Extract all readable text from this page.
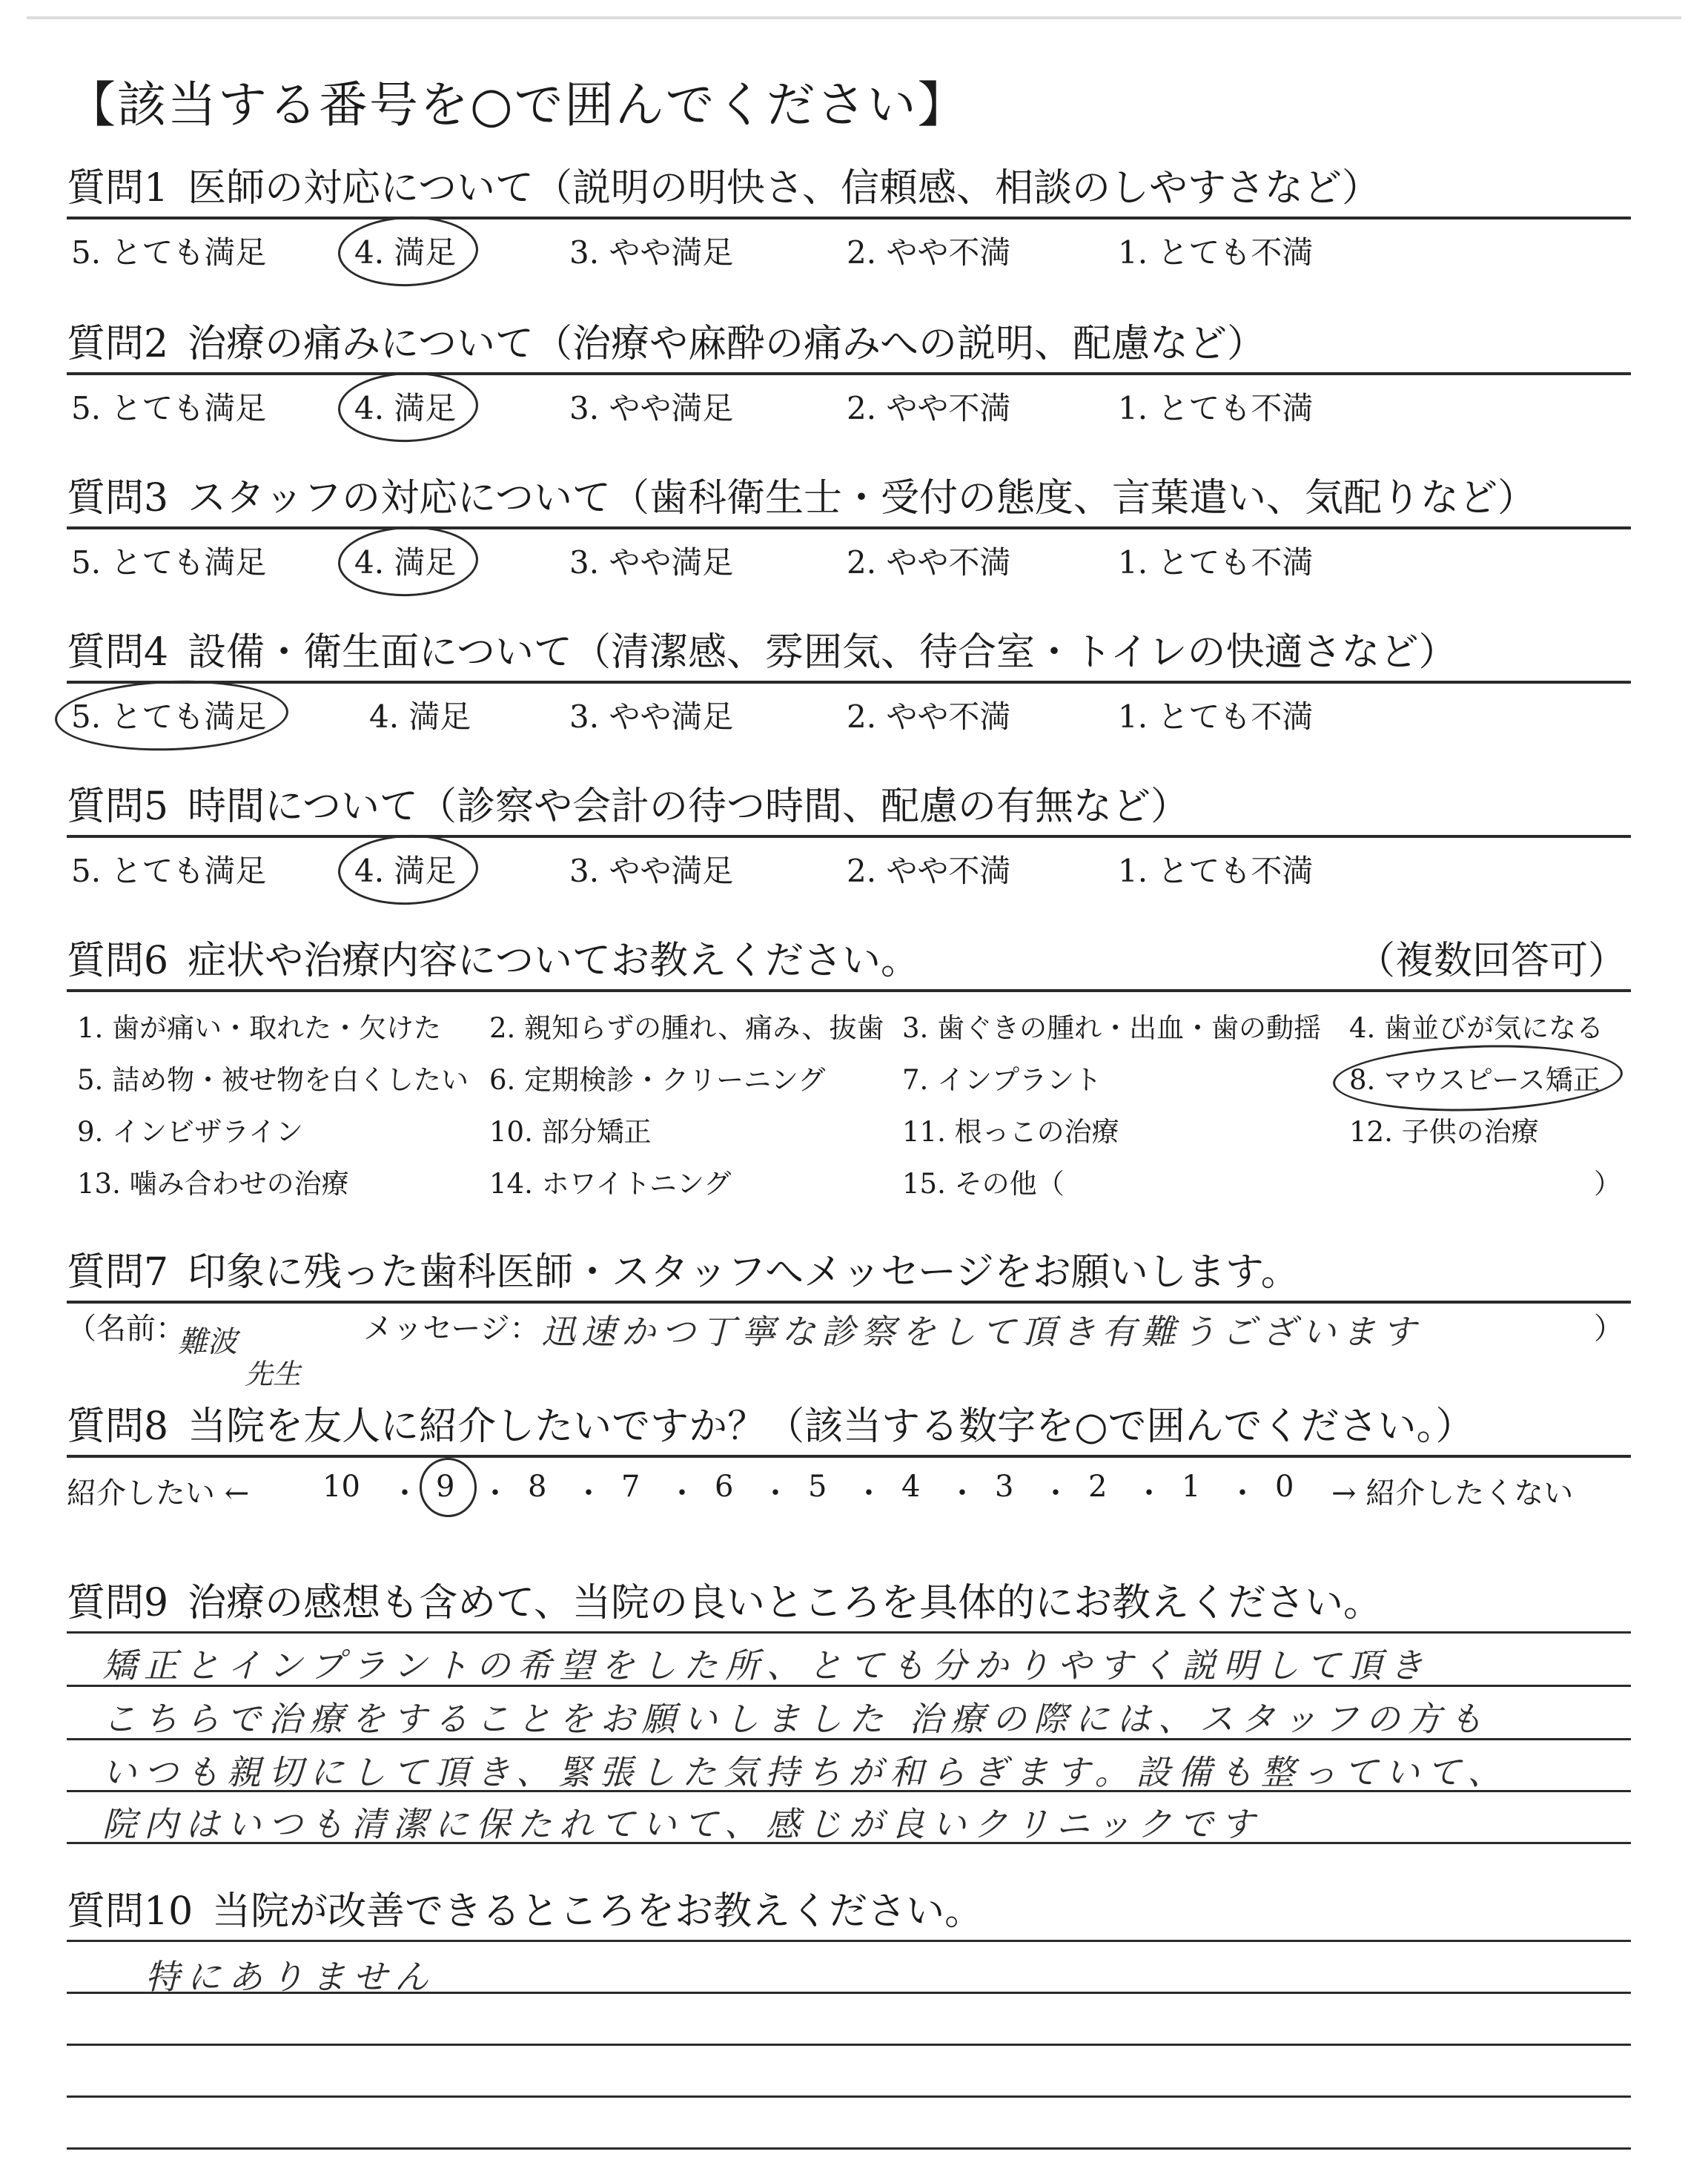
【該当する番号を○で囲んでください】
質問1 医師の対応について（説明の明快さ、信頼感、相談のしやすさなど）
5. とても満足	4. 満足	3. やや満足	2. やや不満	1. とても不満
質問2 治療の痛みについて（治療や麻酔の痛みへの説明、配慮など）
5. とても満足	4. 満足	3. やや満足	2. やや不満	1. とても不満
質問3 スタッフの対応について（歯科衛生士・受付の態度、言葉遣い、気配りなど）
5. とても満足	4. 満足	3. やや満足	2. やや不満	1. とても不満
質問4 設備・衛生面について（清潔感、雰囲気、待合室・トイレの快適さなど）
5. とても満足	4. 満足	3. やや満足	2. やや不満	1. とても不満
質問5 時間について（診察や会計の待つ時間、配慮の有無など）
5. とても満足	4. 満足	3. やや満足	2. やや不満	1. とても不満
質問6 症状や治療内容についてお教えください。	（複数回答可）
1. 歯が痛い・取れた・欠けた 2. 親知らずの腫れ、痛み、抜歯 3. 歯ぐきの腫れ・出血・歯の動揺 4. 歯並びが気になる
5. 詰め物・被せ物を白くしたい 6. 定期検診・クリーニング	7. インプラント	8. マウスピース矯正
9. インビザライン	10. 部分矯正	11. 根っこの治療	12. 子供の治療
13. 噛み合わせの治療	14. ホワイトニング	15. その他（	）
質問7 印象に残った歯科医師・スタッフへメッセージをお願いします。
（名前：
難波
先生
メッセージ： 迅速かつ丁寧な診察をして頂き有難うございます	）
質問8 当院を友人に紹介したいですか？（該当する数字を○で囲んでください。）
紹介したい ← 10 ・ 9 ・ 8 ・ 7 ・ 6 ・ 5 ・ 4 ・ 3 ・ 2 ・ 1 ・ 0 → 紹介したくない
質問9 治療の感想も含めて、当院の良いところを具体的にお教えください。
矯正とインプラントの希望をした所、とても分かりやすく説明して頂き
こちらで治療をすることをお願いしました 治療の際には、スタッフの方も
いつも親切にして頂き、緊張した気持ちが和らぎます。設備も整っていて、
院内はいつも清潔に保たれていて、感じが良いクリニックです
質問10 当院が改善できるところをお教えください。
特にありません
